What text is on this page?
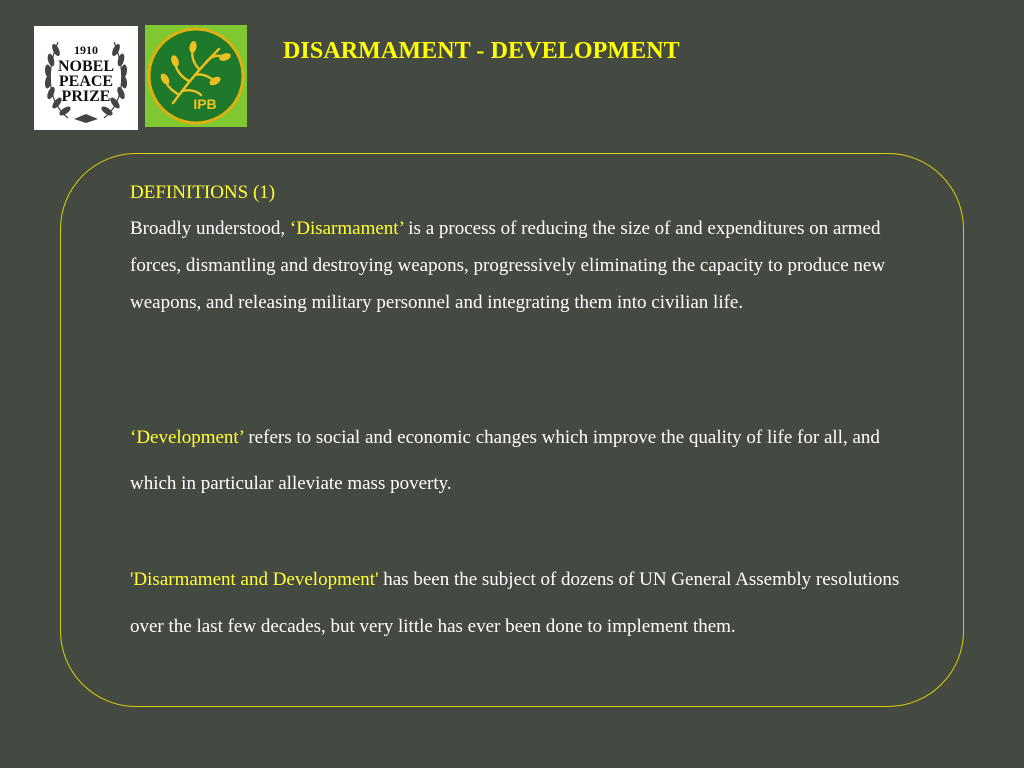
1910
NOBEL
PEACE
PRIZE	IPB
DISARMAMENT - DEVELOPMENT

DEFINITIONS (1)

Broadly understood, ‘Disarmament’ is a process of reducing the size of and expenditures on armed forces, dismantling and destroying weapons, progressively eliminating the capacity to produce new weapons, and releasing military personnel and integrating them into civilian life.

‘Development’ refers to social and economic changes which improve the quality of life for all, and which in particular alleviate mass poverty.

'Disarmament and Development' has been the subject of dozens of UN General Assembly resolutions over the last few decades, but very little has ever been done to implement them.
